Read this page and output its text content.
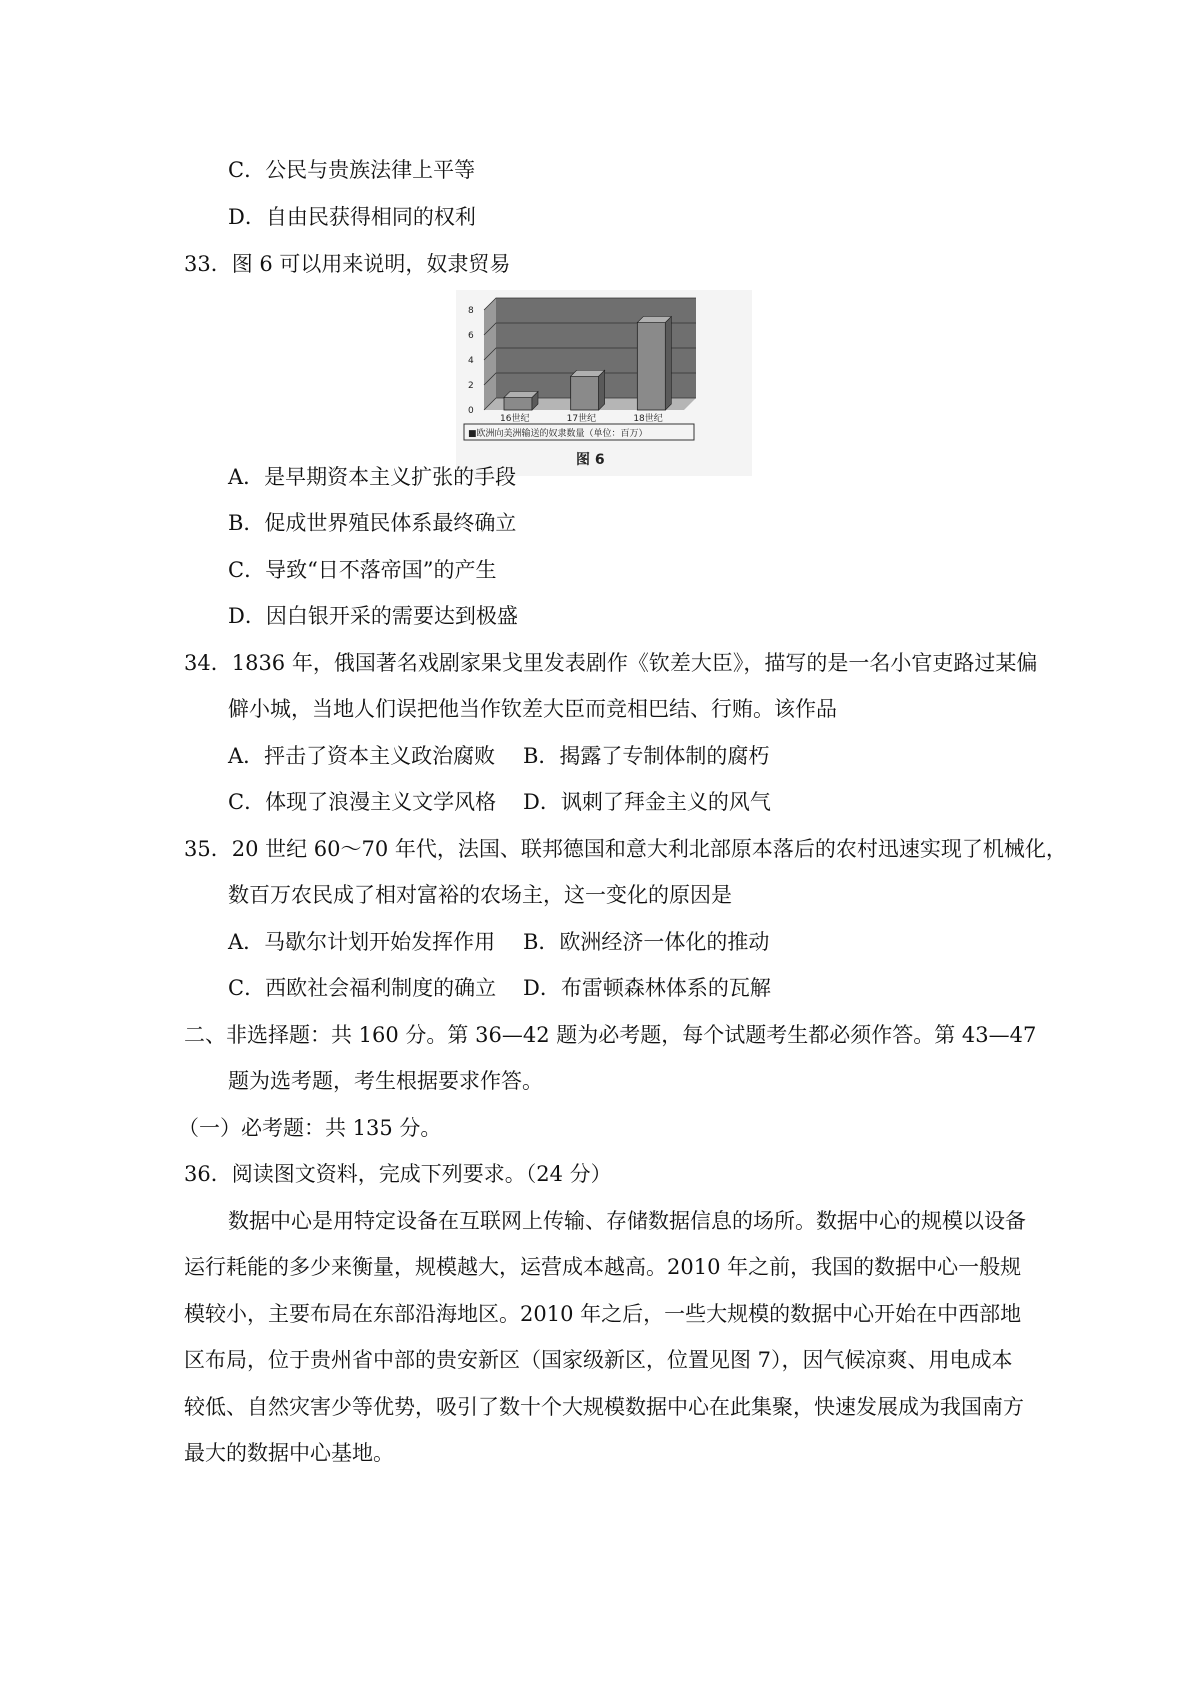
C．公民与贵族法律上平等
D．自由民获得相同的权利
33．图 6 可以用来说明，奴隶贸易
0
2
4
6
8
16世纪	17世纪	18世纪
■欧洲向美洲输送的奴隶数量（单位：百万）
图 6
A．是早期资本主义扩张的手段
B．促成世界殖民体系最终确立
C．导致“日不落帝国”的产生
D．因白银开采的需要达到极盛
34．1836 年，俄国著名戏剧家果戈里发表剧作《钦差大臣》，描写的是一名小官吏路过某偏
僻小城，当地人们误把他当作钦差大臣而竞相巴结、行贿。该作品
A．抨击了资本主义政治腐败 B．揭露了专制体制的腐朽
C．体现了浪漫主义文学风格 D．讽刺了拜金主义的风气
35．20 世纪 60～70 年代，法国、联邦德国和意大利北部原本落后的农村迅速实现了机械化，
数百万农民成了相对富裕的农场主，这一变化的原因是
A．马歇尔计划开始发挥作用 B．欧洲经济一体化的推动
C．西欧社会福利制度的确立 D．布雷顿森林体系的瓦解
二、非选择题：共 160 分。第 36—42 题为必考题，每个试题考生都必须作答。第 43—47
题为选考题，考生根据要求作答。
（一）必考题：共 135 分。
36．阅读图文资料，完成下列要求。（24 分）
数据中心是用特定设备在互联网上传输、存储数据信息的场所。数据中心的规模以设备
运行耗能的多少来衡量，规模越大，运营成本越高。2010 年之前，我国的数据中心一般规
模较小，主要布局在东部沿海地区。2010 年之后，一些大规模的数据中心开始在中西部地
区布局，位于贵州省中部的贵安新区（国家级新区，位置见图 7），因气候凉爽、用电成本
较低、自然灾害少等优势，吸引了数十个大规模数据中心在此集聚，快速发展成为我国南方
最大的数据中心基地。
